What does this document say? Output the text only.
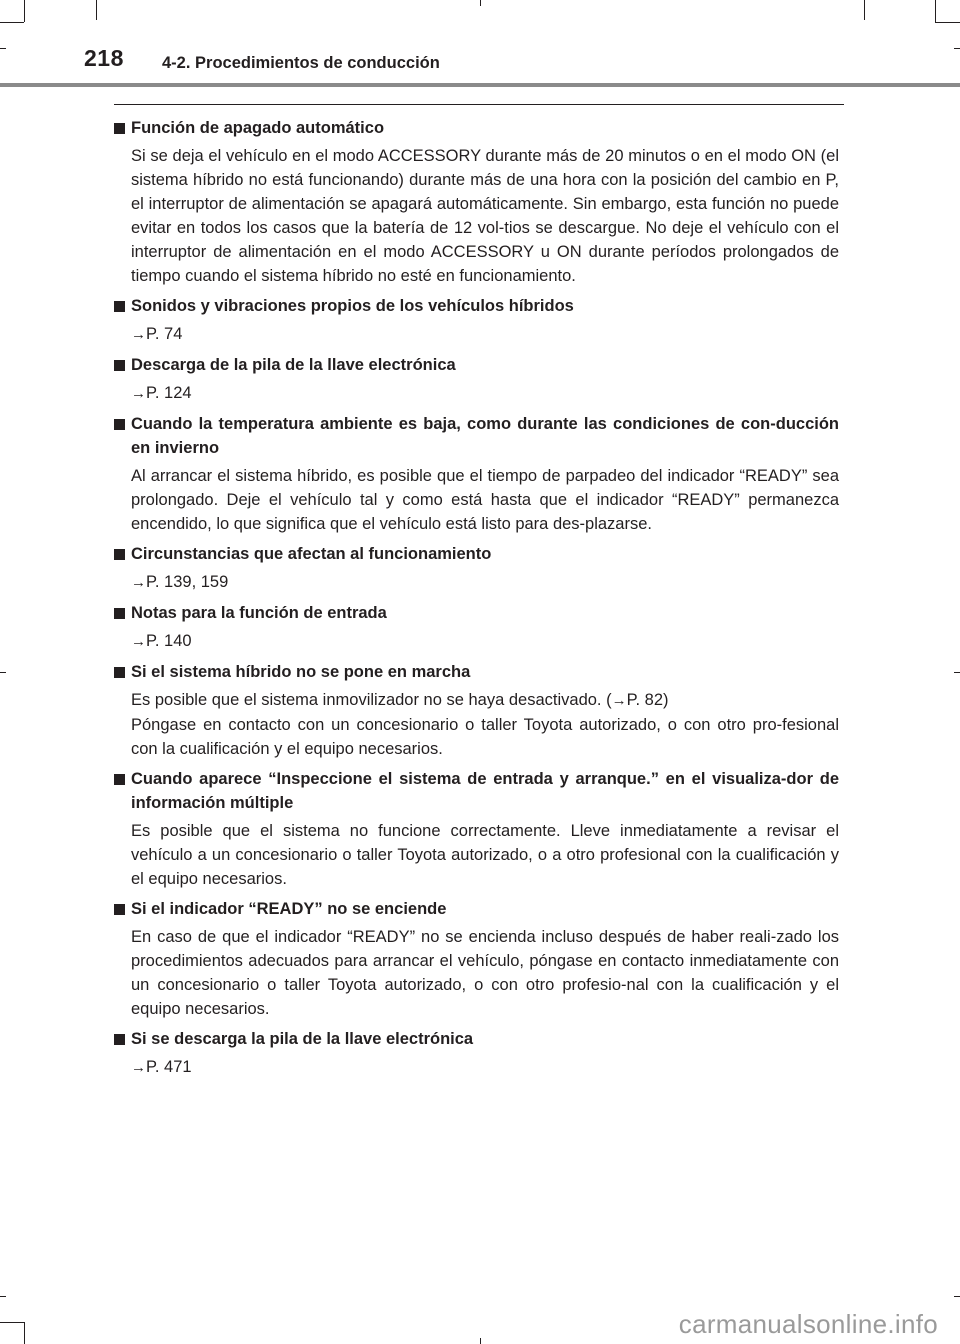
218 4-2. Procedimientos de conducción

Función de apagado automático

Si se deja el vehículo en el modo ACCESSORY durante más de 20 minutos o en el modo ON (el sistema híbrido no está funcionando) durante más de una hora con la posición del cambio en P, el interruptor de alimentación se apagará automáticamente. Sin embargo, esta función no puede evitar en todos los casos que la batería de 12 vol-tios se descargue. No deje el vehículo con el interruptor de alimentación en el modo ACCESSORY u ON durante períodos prolongados de tiempo cuando el sistema híbrido no esté en funcionamiento.

Sonidos y vibraciones propios de los vehículos híbridos

→P. 74

Descarga de la pila de la llave electrónica

→P. 124

Cuando la temperatura ambiente es baja, como durante las condiciones de con-ducción en invierno

Al arrancar el sistema híbrido, es posible que el tiempo de parpadeo del indicador “READY” sea prolongado. Deje el vehículo tal y como está hasta que el indicador “READY” permanezca encendido, lo que significa que el vehículo está listo para des-plazarse.

Circunstancias que afectan al funcionamiento

→P. 139, 159

Notas para la función de entrada

→P. 140

Si el sistema híbrido no se pone en marcha

Es posible que el sistema inmovilizador no se haya desactivado. (→P. 82)

Póngase en contacto con un concesionario o taller Toyota autorizado, o con otro pro-fesional con la cualificación y el equipo necesarios.

Cuando aparece “Inspeccione el sistema de entrada y arranque.” en el visualiza-dor de información múltiple

Es posible que el sistema no funcione correctamente. Lleve inmediatamente a revisar el vehículo a un concesionario o taller Toyota autorizado, o a otro profesional con la cualificación y el equipo necesarios.

Si el indicador “READY” no se enciende

En caso de que el indicador “READY” no se encienda incluso después de haber reali-zado los procedimientos adecuados para arrancar el vehículo, póngase en contacto inmediatamente con un concesionario o taller Toyota autorizado, o con otro profesio-nal con la cualificación y el equipo necesarios.

Si se descarga la pila de la llave electrónica

→P. 471

carmanualsonline.info
